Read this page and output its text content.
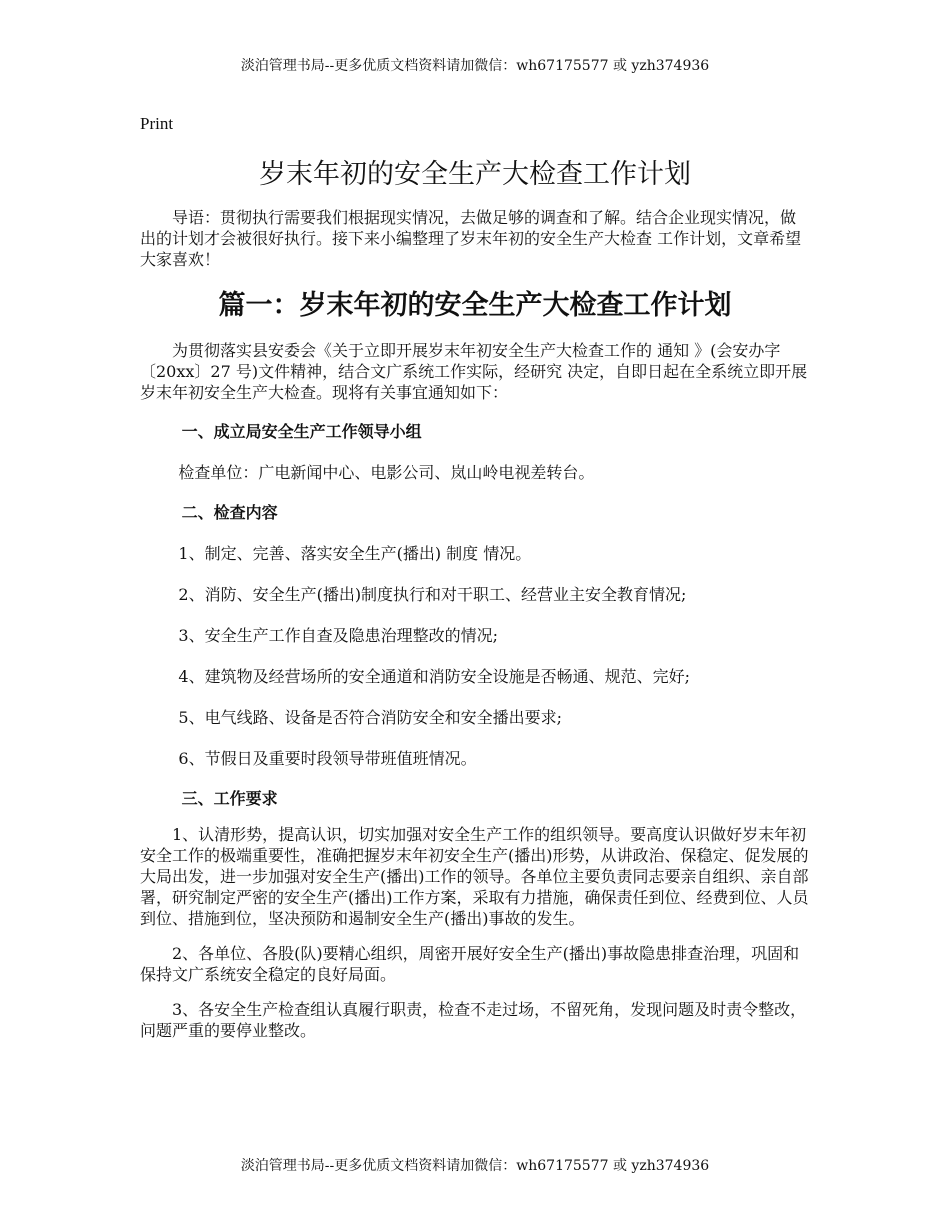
淡泊管理书局--更多优质文档资料请加微信：wh67175577 或 yzh374936
Print
岁末年初的安全生产大检查工作计划

导语：贯彻执行需要我们根据现实情况，去做足够的调查和了解。结合企业现实情况，做出的计划才会被很好执行。接下来小编整理了岁末年初的安全生产大检查 工作计划，文章希望大家喜欢！

篇一：岁末年初的安全生产大检查工作计划

为贯彻落实县安委会《关于立即开展岁末年初安全生产大检查工作的 通知 》(会安办字〔20xx〕27 号)文件精神，结合文广系统工作实际，经研究 决定，自即日起在全系统立即开展岁末年初安全生产大检查。现将有关事宜通知如下：

一、成立局安全生产工作领导小组
检查单位：广电新闻中心、电影公司、岚山岭电视差转台。
二、检查内容
1、制定、完善、落实安全生产(播出) 制度 情况。
2、消防、安全生产(播出)制度执行和对干职工、经营业主安全教育情况;
3、安全生产工作自查及隐患治理整改的情况;
4、建筑物及经营场所的安全通道和消防安全设施是否畅通、规范、完好;
5、电气线路、设备是否符合消防安全和安全播出要求;
6、节假日及重要时段领导带班值班情况。
三、工作要求

1、认清形势，提高认识，切实加强对安全生产工作的组织领导。要高度认识做好岁末年初安全工作的极端重要性，准确把握岁末年初安全生产(播出)形势，从讲政治、保稳定、促发展的大局出发，进一步加强对安全生产(播出)工作的领导。各单位主要负责同志要亲自组织、亲自部署，研究制定严密的安全生产(播出)工作方案，采取有力措施，确保责任到位、经费到位、人员到位、措施到位，坚决预防和遏制安全生产(播出)事故的发生。

2、各单位、各股(队)要精心组织，周密开展好安全生产(播出)事故隐患排查治理，巩固和保持文广系统安全稳定的良好局面。

3、各安全生产检查组认真履行职责，检查不走过场，不留死角，发现问题及时责令整改，问题严重的要停业整改。

淡泊管理书局--更多优质文档资料请加微信：wh67175577 或 yzh374936
